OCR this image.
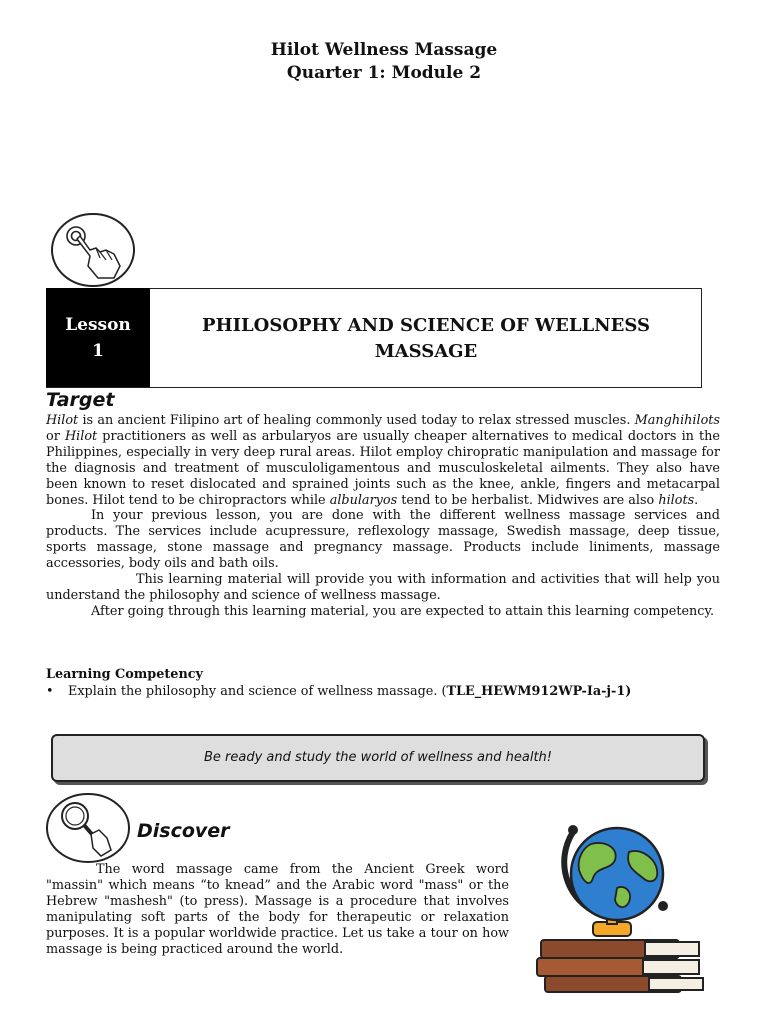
Hilot Wellness Massage
Quarter 1: Module 2
Lesson
1
PHILOSOPHY AND SCIENCE OF WELLNESS
MASSAGE
Target

Hilot is an ancient Filipino art of healing commonly used today to relax stressed muscles. Manghihilots or Hilot practitioners as well as arbularyos are usually cheaper alternatives to medical doctors in the Philippines, especially in very deep rural areas. Hilot employ chiropratic manipulation and massage for the diagnosis and treatment of musculoligamentous and musculoskeletal ailments. They also have been known to reset dislocated and sprained joints such as the knee, ankle, fingers and metacarpal bones. Hilot tend to be chiropractors while albularyos tend to be herbalist. Midwives are also hilots.

In your previous lesson, you are done with the different wellness massage services and products. The services include acupressure, reflexology massage, Swedish massage, deep tissue, sports massage, stone massage and pregnancy massage. Products include liniments, massage accessories, body oils and bath oils.

This learning material will provide you with information and activities that will help you understand the philosophy and science of wellness massage.

After going through this learning material, you are expected to attain this learning competency.

Learning Competency
• Explain the philosophy and science of wellness massage. (TLE_HEWM912WP-Ia-j-1)
Be ready and study the world of wellness and health!
Discover

The word massage came from the Ancient Greek word "massin" which means “to knead” and the Arabic word "mass" or the Hebrew "mashesh" (to press). Massage is a procedure that involves manipulating soft parts of the body for therapeutic or relaxation purposes. It is a popular worldwide practice. Let us take a tour on how massage is being practiced around the world.
